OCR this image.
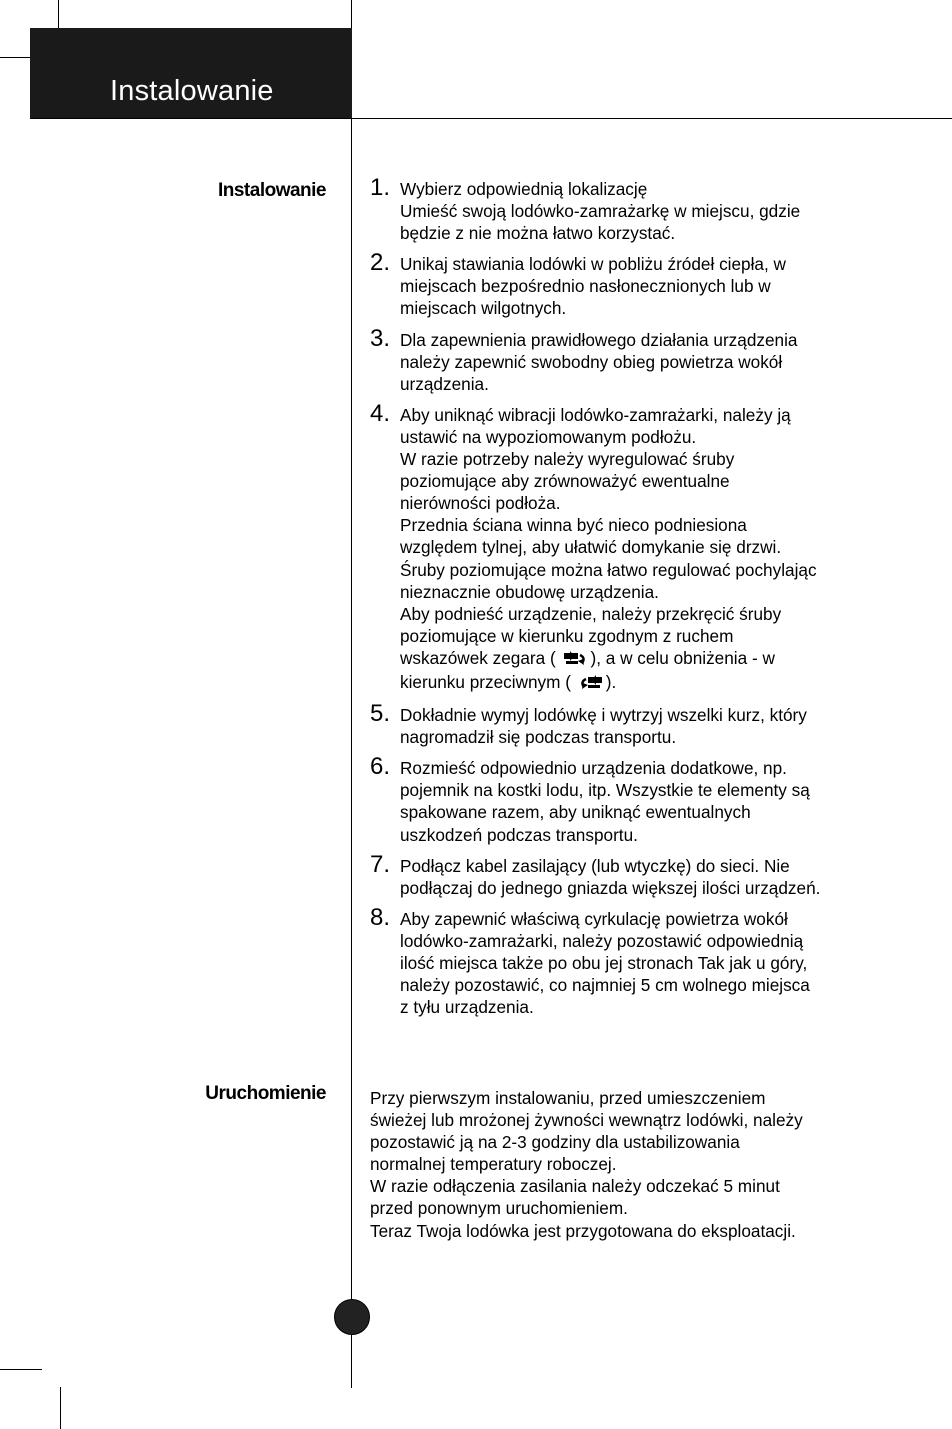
Instalowanie
Instalowanie
Uruchomienie
1. Wybierz odpowiednią lokalizację
Umieść swoją lodówko-zamrażarkę w miejscu, gdzie
będzie z nie można łatwo korzystać.
2. Unikaj stawiania lodówki w pobliżu źródeł ciepła, w
miejscach bezpośrednio nasłonecznionych lub w
miejscach wilgotnych.
3. Dla zapewnienia prawidłowego działania urządzenia
należy zapewnić swobodny obieg powietrza wokół
urządzenia.
4. Aby uniknąć wibracji lodówko-zamrażarki, należy ją
ustawić na wypoziomowanym podłożu.
W razie potrzeby należy wyregulować śruby
poziomujące aby zrównoważyć ewentualne
nierówności podłoża.
Przednia ściana winna być nieco podniesiona
względem tylnej, aby ułatwić domykanie się drzwi.
Śruby poziomujące można łatwo regulować pochylając
nieznacznie obudowę urządzenia.
Aby podnieść urządzenie, należy przekręcić śruby
poziomujące w kierunku zgodnym z ruchem
wskazówek zegara ( ), a w celu obniżenia - w
kierunku przeciwnym ( ).
5. Dokładnie wymyj lodówkę i wytrzyj wszelki kurz, który
nagromadził się podczas transportu.
6. Rozmieść odpowiednio urządzenia dodatkowe, np.
pojemnik na kostki lodu, itp. Wszystkie te elementy są
spakowane razem, aby uniknąć ewentualnych
uszkodzeń podczas transportu.
7. Podłącz kabel zasilający (lub wtyczkę) do sieci. Nie
podłączaj do jednego gniazda większej ilości urządzeń.
8. Aby zapewnić właściwą cyrkulację powietrza wokół
lodówko-zamrażarki, należy pozostawić odpowiednią
ilość miejsca także po obu jej stronach Tak jak u góry,
należy pozostawić, co najmniej 5 cm wolnego miejsca
z tyłu urządzenia.
Przy pierwszym instalowaniu, przed umieszczeniem
świeżej lub mrożonej żywności wewnątrz lodówki, należy
pozostawić ją na 2-3 godziny dla ustabilizowania
normalnej temperatury roboczej.
W razie odłączenia zasilania należy odczekać 5 minut
przed ponownym uruchomieniem.
Teraz Twoja lodówka jest przygotowana do eksploatacji.
